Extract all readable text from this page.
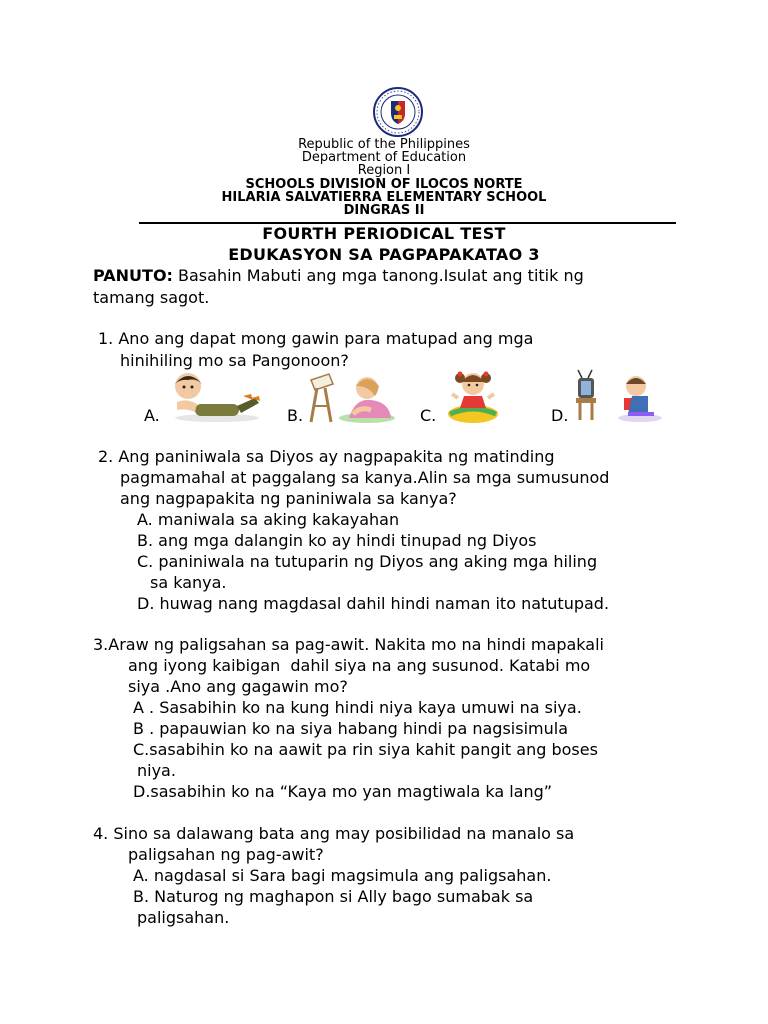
Republic of the Philippines
Department of Education
Region I
SCHOOLS DIVISION OF ILOCOS NORTE
HILARIA SALVATIERRA ELEMENTARY SCHOOL
DINGRAS II
FOURTH PERIODICAL TEST
EDUKASYON SA PAGPAPAKATAO 3
PANUTO: Basahin Mabuti ang mga tanong.Isulat ang titik ng
tamang sagot.
1. Ano ang dapat mong gawin para matupad ang mga
hinihiling mo sa Pangonoon?
A.	B.	C.	D.
2. Ang paniniwala sa Diyos ay nagpapakita ng matinding
pagmamahal at paggalang sa kanya.Alin sa mga sumusunod
ang nagpapakita ng paniniwala sa kanya?
A. maniwala sa aking kakayahan
B. ang mga dalangin ko ay hindi tinupad ng Diyos
C. paniniwala na tutuparin ng Diyos ang aking mga hiling
sa kanya.
D. huwag nang magdasal dahil hindi naman ito natutupad.
3.Araw ng paligsahan sa pag-awit. Nakita mo na hindi mapakali
ang iyong kaibigan  dahil siya na ang susunod. Katabi mo
siya .Ano ang gagawin mo?
A . Sasabihin ko na kung hindi niya kaya umuwi na siya.
B . papauwian ko na siya habang hindi pa nagsisimula
C.sasabihin ko na aawit pa rin siya kahit pangit ang boses
niya.
D.sasabihin ko na “Kaya mo yan magtiwala ka lang”
4. Sino sa dalawang bata ang may posibilidad na manalo sa
paligsahan ng pag-awit?
A. nagdasal si Sara bagi magsimula ang paligsahan.
B. Naturog ng maghapon si Ally bago sumabak sa
paligsahan.
